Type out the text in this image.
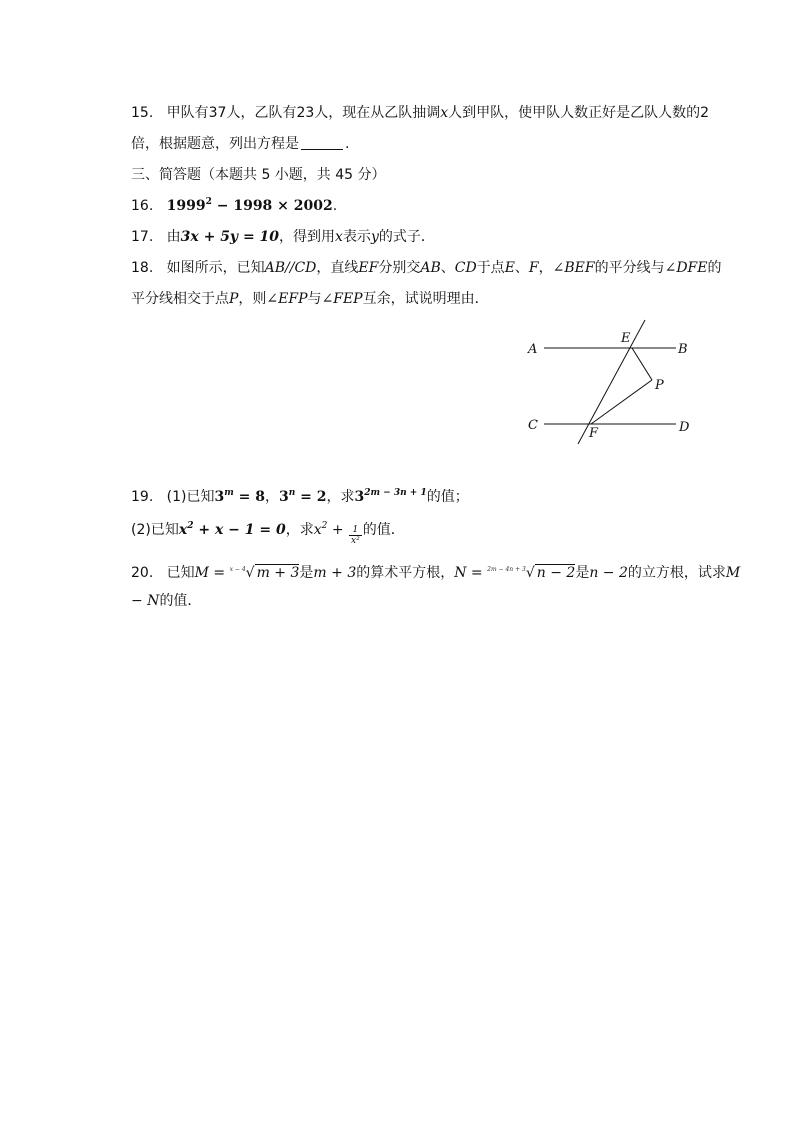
15. 甲队有37人，乙队有23人，现在从乙队抽调x人到甲队，使甲队人数正好是乙队人数的2
倍，根据题意，列出方程是	.
三、简答题（本题共 5 小题，共 45 分）
16. $1999^2 - 1998 \times 2002$.
17. 由3x + 5y = 10，得到用x表示y的式子．
18. 如图所示，已知AB//CD，直线EF分别交AB、CD于点E、F，∠BEF的平分线与∠DFE的
平分线相交于点P，则∠EFP与∠FEP互余，试说明理由．
A	B
C	D
E
F
P
19. (1)已知$3^m = 8$，$3^n = 2$，求$3^{2m - 3n + 1}$的值；
(2)已知$x^2 + x - 1 = 0$，求$x^2 + \frac{1}{\text{x²}}$ 的值．
20. 已知M = $^{x - 4}$√ m + 3是m + 3的算术平方根，N = $^{2m - 4n + 3}$√ n − 2是n − 2的立方根，试求M
− N的值．
